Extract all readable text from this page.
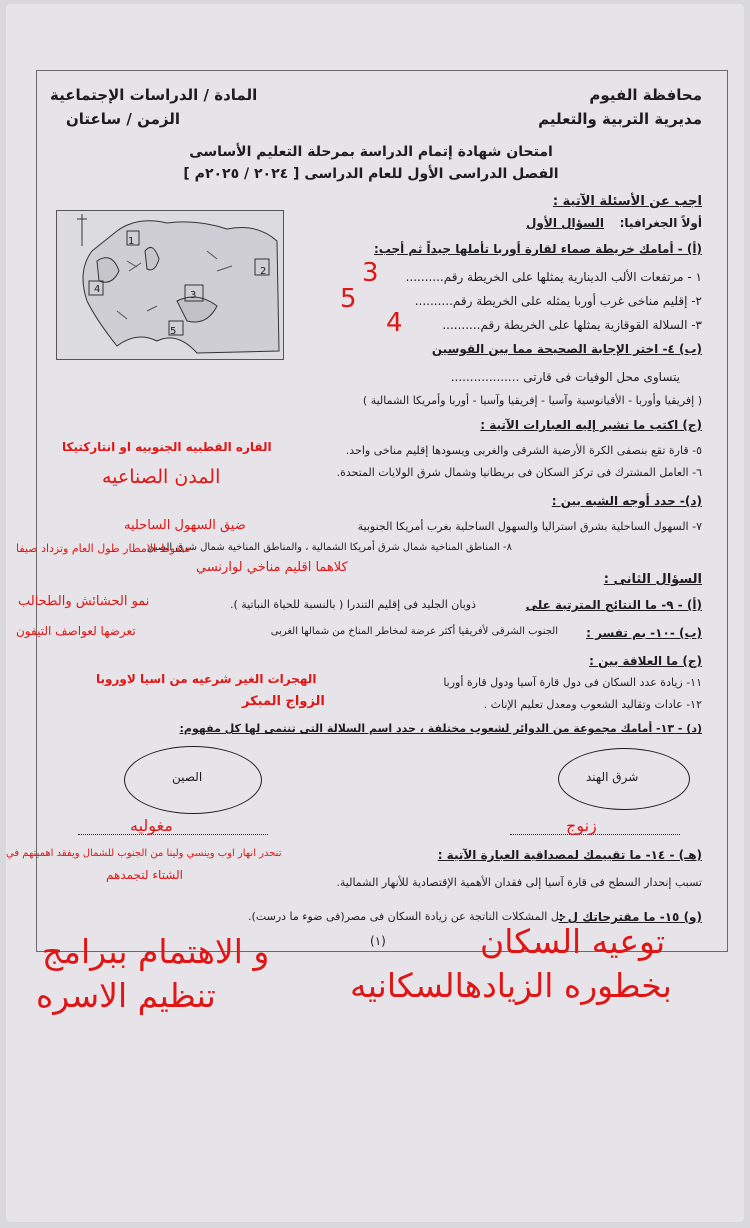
محافظة الفيوم
مديرية التربية والتعليم
المادة / الدراسات الإجتماعية
الزمن / ساعتان
امتحان شهادة إتمام الدراسة بمرحلة التعليم الأساسى
الفصل الدراسى الأول للعام الدراسى [ ٢٠٢٤ / ٢٠٢٥م ]
1
2
3
4
5
اجب عن الأسئلة الآتية :
أولاً الجغرافيا:
السؤال الأول
(أ) - أمامك خريطة صماء لقارة أوربا تأملها جيداً ثم أجب:
١ - مرتفعات الألب الدينارية يمثلها على الخريطة رقم..........
٢- إقليم مناخى غرب أوربا يمثله على الخريطة رقم..........
٣- السلالة القوقازية يمثلها على الخريطة رقم..........
3
5
4
(ب) ٤- اختر الإجابة الصحيحة مما بين القوسين
يتساوى محل الوفيات فى قارتى ..................
( إفريقيا وأوربا - الأقيانوسية وآسيا - إفريقيا وآسيا - أوربا وأمريكا الشمالية )
(ج) اكتب ما تشير إليه العبارات الآتية :
٥- قارة تقع بنصفى الكرة الأرضية الشرقى والغربى ويسودها إقليم مناخى واحد.
القاره القطبيه الجنوبيه او انتاركتيكا
٦- العامل المشترك فى تركز السكان فى بريطانيا وشمال شرق الولايات المتحدة.
المدن الصناعيه
(د)- حدد أوجه الشبه بين :
٧- السهول الساحلية بشرق استراليا والسهول الساحلية بغرب أمريكا الجنوبية
ضيق السهول الساحليه
٨- المناطق المناخية شمال شرق أمريكا الشمالية ، والمناطق المناخية شمال شرق الصين
سقوط الامطار طول العام وتزداد صيفا
كلاهما اقليم مناخي لوارنسي
السؤال الثانى :
(أ) - ٩- ما النتائج المترتبة على
ذوبان الجليد فى إقليم التندرا ( بالنسبة للحياة النباتية ).
نمو الحشائش والطحالب
(ب) -١٠- بم تفسر :
الجنوب الشرقى لأفريقيا أكثر عرضة لمخاطر المناخ من شمالها الغربى
تعرضها لعواصف التيفون
(ج) ما العلاقة بين :
١١- زيادة عدد السكان فى دول قارة آسيا ودول قارة أوربا
الهجرات الغير شرعيه من اسيا لاوروبا
١٢- عادات وتقاليد الشعوب ومعدل تعليم الإناث .
الزواج المبكر
(د) - ١٣- أمامك مجموعة من الدوائر لشعوب مختلفة ، حدد اسم السلالة التى تنتمى لها كل مفهوم:
شرق الهند
الصين
زنوج
مغوليه
(هـ) - ١٤- ما تقييمك لمصداقية العبارة الآتية :
تنحدر انهار اوب وينسي ولينا من الجنوب للشمال ويفقد اهميتهم في
الشتاء لتجمدهم
تسبب إنحدار السطح فى قارة آسيا إلى فقدان الأهمية الإقتصادية للأنهار الشمالية.
(و) ١٥- ما مقترحاتك ل :
حل المشكلات الناتجة عن زيادة السكان فى مصر(فى ضوء ما درست).
(١)	توعيه السكان
بخطوره الزيادهالسكانيه
و الاهتمام ببرامج
تنظيم الاسره
